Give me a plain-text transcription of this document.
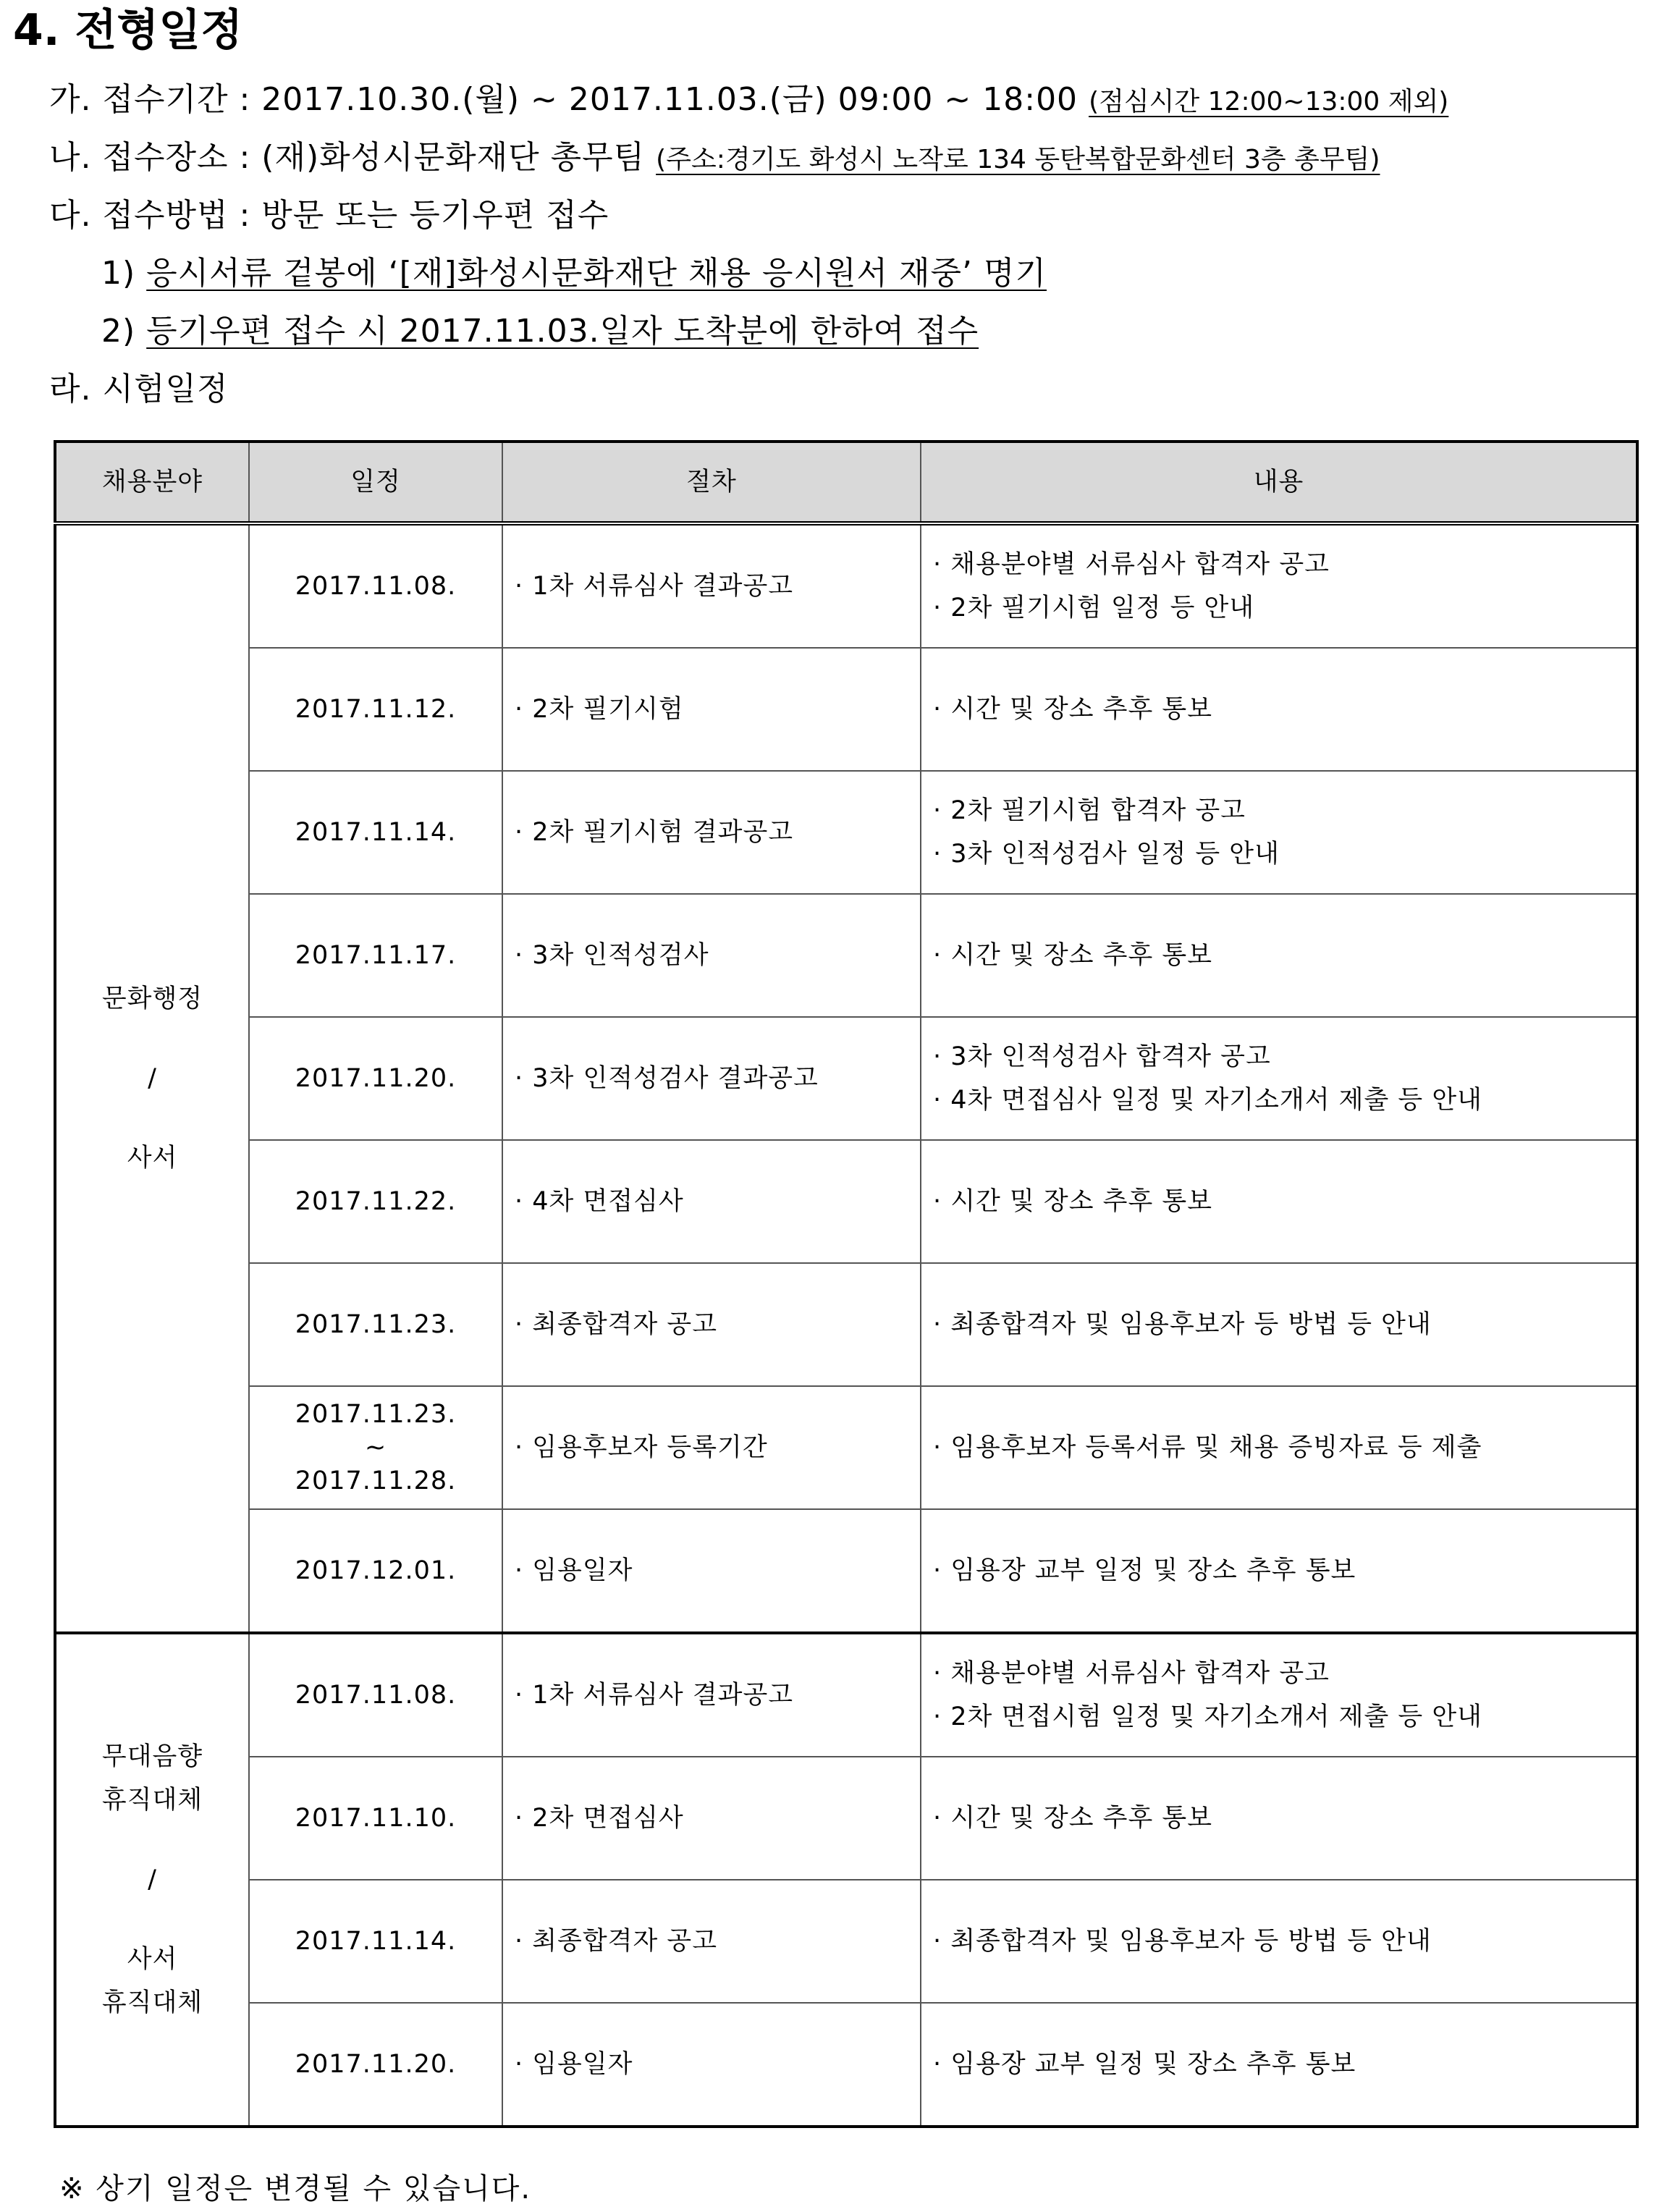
4. 전형일정
가. 접수기간 : 2017.10.30.(월) ~ 2017.11.03.(금) 09:00 ~ 18:00 (점심시간 12:00~13:00 제외)
나. 접수장소 : (재)화성시문화재단 총무팀 (주소:경기도 화성시 노작로 134 동탄복합문화센터 3층 총무팀)
다. 접수방법 : 방문 또는 등기우편 접수
1) 응시서류 겉봉에 ‘[재]화성시문화재단 채용 응시원서 재중’ 명기
2) 등기우편 접수 시 2017.11.03.일자 도착분에 한하여 접수
라. 시험일정
채용분야	일정	절차	내용

문화행정
/
사서	2017.11.08.	· 1차 서류심사 결과공고	· 채용분야별 서류심사 합격자 공고
· 2차 필기시험 일정 등 안내

	2017.11.12.	· 2차 필기시험	· 시간 및 장소 추후 통보

	2017.11.14.	· 2차 필기시험 결과공고	· 2차 필기시험 합격자 공고
· 3차 인적성검사 일정 등 안내

	2017.11.17.	· 3차 인적성검사	· 시간 및 장소 추후 통보

	2017.11.20.	· 3차 인적성검사 결과공고	· 3차 인적성검사 합격자 공고
· 4차 면접심사 일정 및 자기소개서 제출 등 안내

	2017.11.22.	· 4차 면접심사	· 시간 및 장소 추후 통보

	2017.11.23.	· 최종합격자 공고	· 최종합격자 및 임용후보자 등 방법 등 안내

	2017.11.23.
~
2017.11.28.	· 임용후보자 등록기간	· 임용후보자 등록서류 및 채용 증빙자료 등 제출

	2017.12.01.	· 임용일자	· 임용장 교부 일정 및 장소 추후 통보

무대음향
휴직대체
/
사서
휴직대체	2017.11.08.	· 1차 서류심사 결과공고	· 채용분야별 서류심사 합격자 공고
· 2차 면접시험 일정 및 자기소개서 제출 등 안내

	2017.11.10.	· 2차 면접심사	· 시간 및 장소 추후 통보

	2017.11.14.	· 최종합격자 공고	· 최종합격자 및 임용후보자 등 방법 등 안내

	2017.11.20.	· 임용일자	· 임용장 교부 일정 및 장소 추후 통보
※ 상기 일정은 변경될 수 있습니다.
